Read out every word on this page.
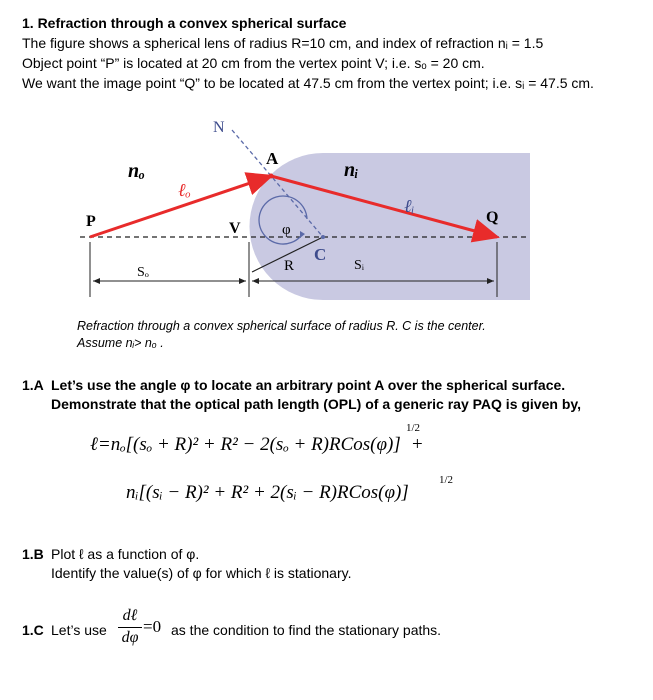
1. Refraction through a convex spherical surface
The figure shows a spherical lens of radius R=10 cm, and index of refraction nᵢ = 1.5
Object point “P” is located at 20 cm from the vertex point V; i.e. sₒ = 20 cm.
We want the image point “Q” to be located at 47.5 cm from the vertex point; i.e. sᵢ = 47.5 cm.
N
A
nₒ	nᵢ
ℓₒ
ℓᵢ
P	Q
V	φ
R
C
Sₒ	Sᵢ
Refraction through a convex spherical surface of radius R. C is the center.
Assume nᵢ> nₒ .
1.A Let’s use the angle φ to locate an arbitrary point A over the spherical surface.
Demonstrate that the optical path length (OPL) of a generic ray PAQ is given by,
ℓ=nₒ[(sₒ + R)² + R² − 2(sₒ + R)RCos(φ)]
1/2
+
nᵢ[(sᵢ − R)² + R² + 2(sᵢ − R)RCos(φ)]
1/2
1.B Plot ℓ as a function of φ.
Identify the value(s) of φ for which ℓ is stationary.
1.C Let’s use
dℓ
dφ
=0 as the condition to find the stationary paths.
